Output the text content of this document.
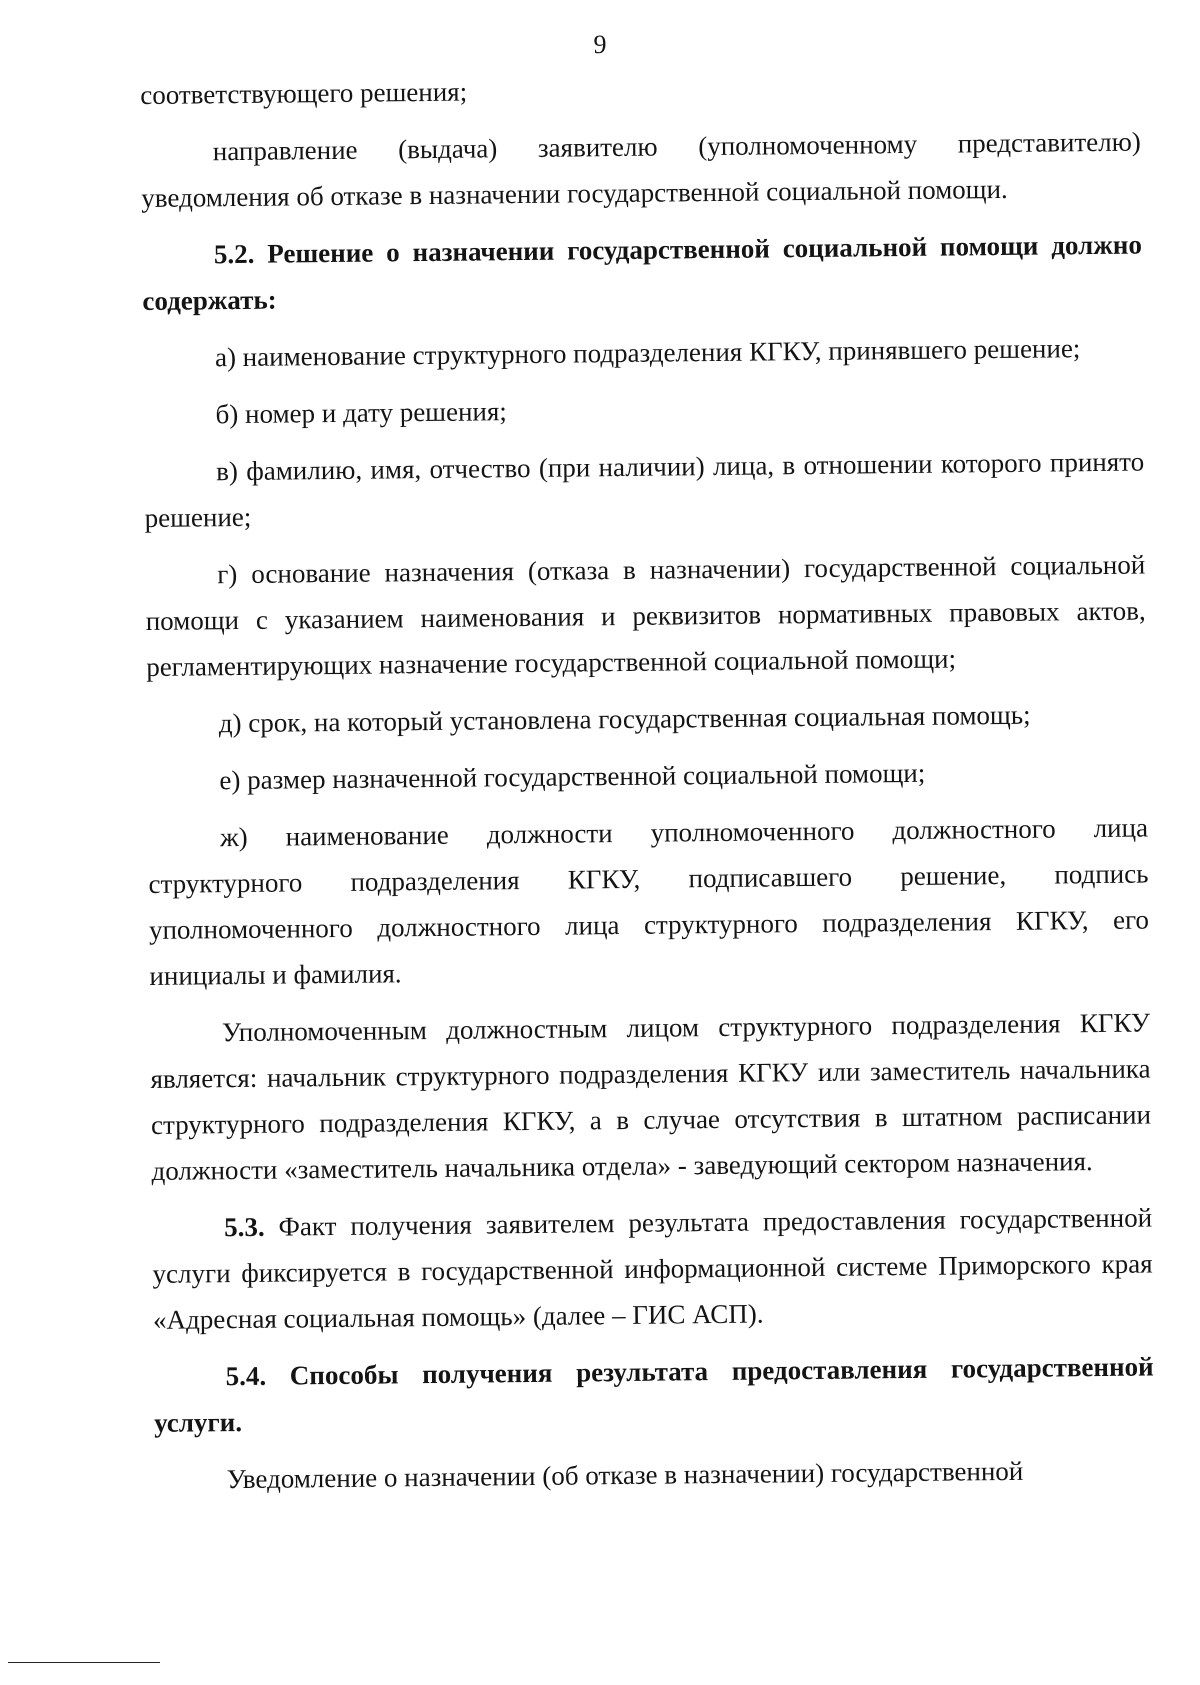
9

соответствующего решения;

направление (выдача) заявителю (уполномоченному представителю) уведомления об отказе в назначении государственной социальной помощи.

5.2. Решение о назначении государственной социальной помощи должно содержать:

а) наименование структурного подразделения КГКУ, принявшего решение;

б) номер и дату решения;

в) фамилию, имя, отчество (при наличии) лица, в отношении которого принято решение;

г) основание назначения (отказа в назначении) государственной социальной помощи с указанием наименования и реквизитов нормативных правовых актов, регламентирующих назначение государственной социальной помощи;

д) срок, на который установлена государственная социальная помощь;

е) размер назначенной государственной социальной помощи;

ж) наименование должности уполномоченного должностного лица структурного подразделения КГКУ, подписавшего решение, подпись уполномоченного должностного лица структурного подразделения КГКУ, его инициалы и фамилия.

Уполномоченным должностным лицом структурного подразделения КГКУ является: начальник структурного подразделения КГКУ или заместитель начальника структурного подразделения КГКУ, а в случае отсутствия в штатном расписании должности «заместитель начальника отдела» - заведующий сектором назначения.

5.3. Факт получения заявителем результата предоставления государственной услуги фиксируется в государственной информационной системе Приморского края «Адресная социальная помощь» (далее – ГИС АСП).

5.4. Способы получения результата предоставления государственной услуги.

Уведомление о назначении (об отказе в назначении) государственной
